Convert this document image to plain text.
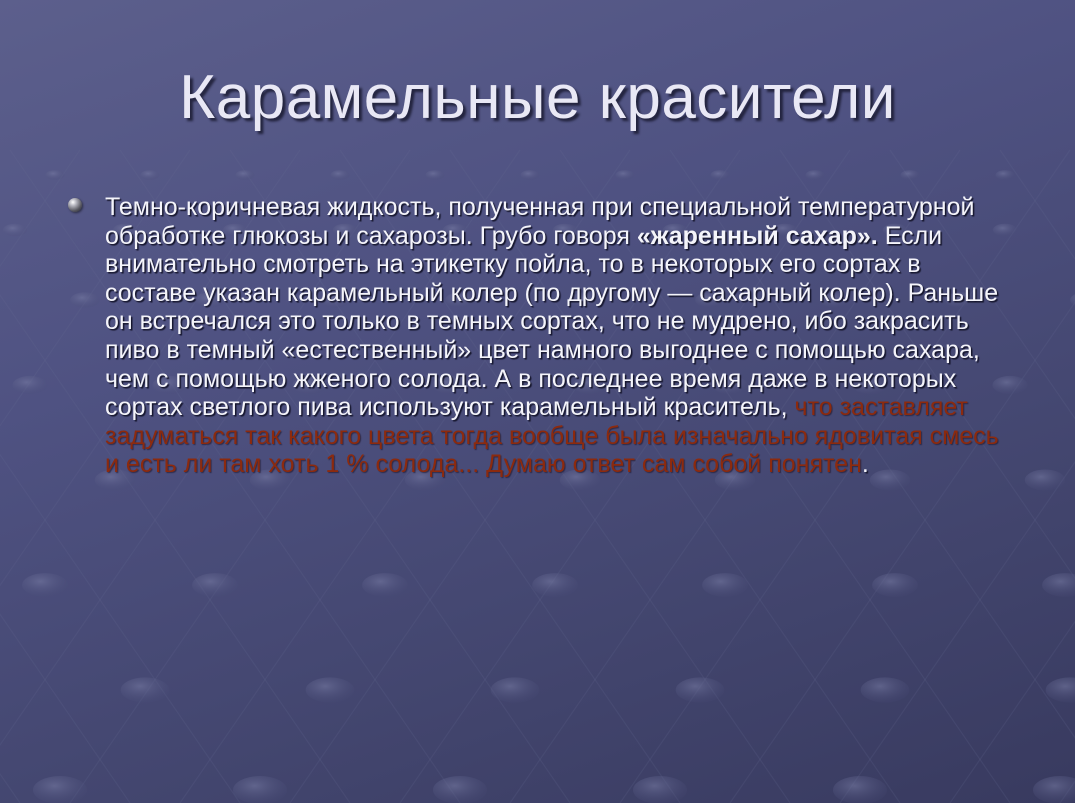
Карамельные красители

Темно-коричневая жидкость, полученная при специальной температурной обработке глюкозы и сахарозы. Грубо говоря «жаренный сахар». Если внимательно смотреть на этикетку пойла, то в некоторых его сортах в составе указан карамельный колер (по другому — сахарный колер). Раньше он встречался это только в темных сортах, что не мудрено, ибо закрасить пиво в темный «естественный» цвет намного выгоднее с помощью сахара, чем с помощью жженого солода. А в последнее время даже в некоторых сортах светлого пива используют карамельный краситель, что заставляет задуматься так какого цвета тогда вообще была изначально ядовитая смесь и есть ли там хоть 1 % солода... Думаю ответ сам собой понятен.
